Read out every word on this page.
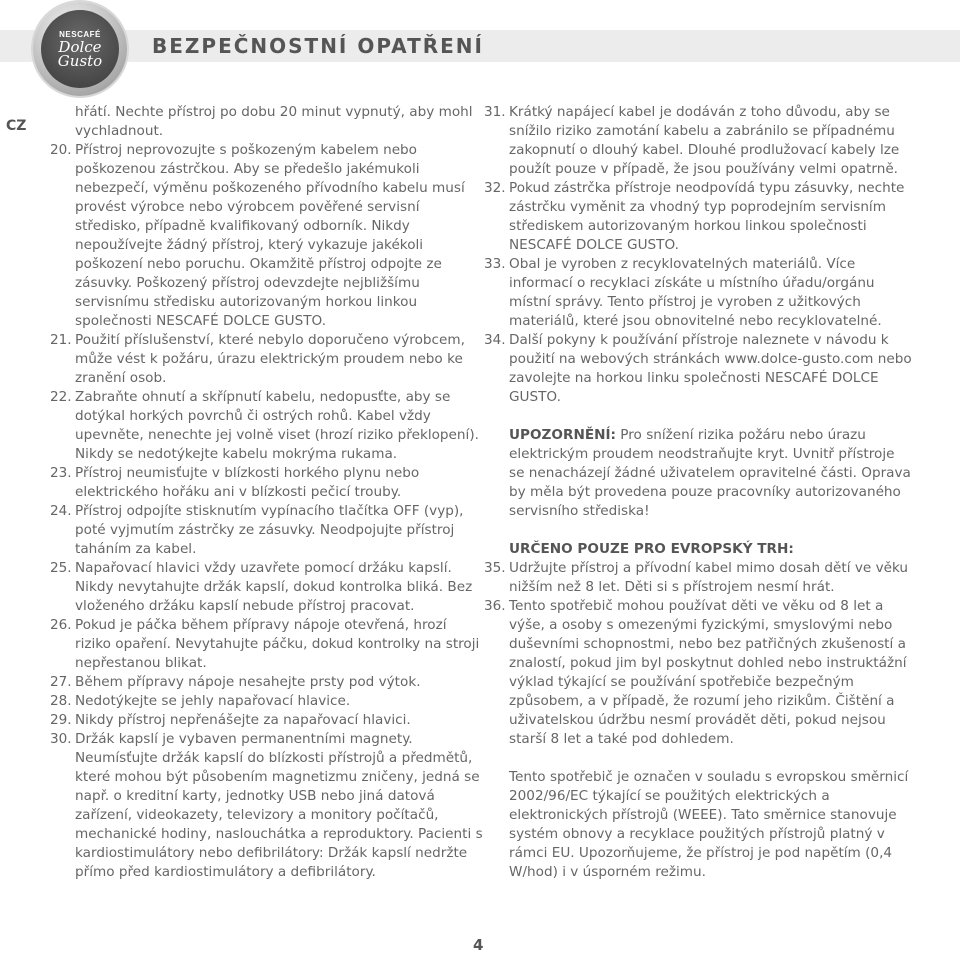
NESCAFÉ
Dolce
Gusto
BEZPEČNOSTNÍ OPATŘENÍ
CZ
hřátí. Nechte přístroj po dobu 20 minut vypnutý, aby mohl vychladnout.
20. Přístroj neprovozujte s poškozeným kabelem nebo poškozenou zástrčkou. Aby se předešlo jakémukoli nebezpečí, výměnu poškozeného přívodního kabelu musí provést výrobce nebo výrobcem pověřené servisní středisko, případně kvalifikovaný odborník. Nikdy nepoužívejte žádný přístroj, který vykazuje jakékoli poškození nebo poruchu. Okamžitě přístroj odpojte ze zásuvky. Poškozený přístroj odevzdejte nejbližšímu servisnímu středisku autorizovaným horkou linkou společnosti NESCAFÉ DOLCE GUSTO.
21. Použití příslušenství, které nebylo doporučeno výrobcem, může vést k požáru, úrazu elektrickým proudem nebo ke zranění osob.
22. Zabraňte ohnutí a skřípnutí kabelu, nedopusťte, aby se dotýkal horkých povrchů či ostrých rohů. Kabel vždy upevněte, nenechte jej volně viset (hrozí riziko překlopení). Nikdy se nedotýkejte kabelu mokrýma rukama.
23. Přístroj neumisťujte v blízkosti horkého plynu nebo elektrického hořáku ani v blízkosti pečicí trouby.
24. Přístroj odpojíte stisknutím vypínacího tlačítka OFF (vyp), poté vyjmutím zástrčky ze zásuvky. Neodpojujte přístroj taháním za kabel.
25. Napařovací hlavici vždy uzavřete pomocí držáku kapslí. Nikdy nevytahujte držák kapslí, dokud kontrolka bliká. Bez vloženého držáku kapslí nebude přístroj pracovat.
26. Pokud je páčka během přípravy nápoje otevřená, hrozí riziko opaření. Nevytahujte páčku, dokud kontrolky na stroji nepřestanou blikat.
27. Během přípravy nápoje nesahejte prsty pod výtok.
28. Nedotýkejte se jehly napařovací hlavice.
29. Nikdy přístroj nepřenášejte za napařovací hlavici.
30. Držák kapslí je vybaven permanentními magnety. Neumísťujte držák kapslí do blízkosti přístrojů a předmětů, které mohou být působením magnetizmu zničeny, jedná se např. o kreditní karty, jednotky USB nebo jiná datová zařízení, videokazety, televizory a monitory počítačů, mechanické hodiny, naslouchátka a reproduktory. Pacienti s kardiostimulátory nebo defibrilátory: Držák kapslí nedržte přímo před kardiostimulátory a defibrilátory.
31. Krátký napájecí kabel je dodáván z toho důvodu, aby se snížilo riziko zamotání kabelu a zabránilo se případnému zakopnutí o dlouhý kabel. Dlouhé prodlužovací kabely lze použít pouze v případě, že jsou používány velmi opatrně.
32. Pokud zástrčka přístroje neodpovídá typu zásuvky, nechte zástrčku vyměnit za vhodný typ poprodejním servisním střediskem autorizovaným horkou linkou společnosti NESCAFÉ DOLCE GUSTO.
33. Obal je vyroben z recyklovatelných materiálů. Více informací o recyklaci získáte u místního úřadu/orgánu místní správy. Tento přístroj je vyroben z užitkových materiálů, které jsou obnovitelné nebo recyklovatelné.
34. Další pokyny k používání přístroje naleznete v návodu k použití na webových stránkách www.dolce-gusto.com nebo zavolejte na horkou linku společnosti NESCAFÉ DOLCE GUSTO.
UPOZORNĚNÍ: Pro snížení rizika požáru nebo úrazu elektrickým proudem neodstraňujte kryt. Uvnitř přístroje se nenacházejí žádné uživatelem opravitelné části. Oprava by měla být provedena pouze pracovníky autorizovaného servisního střediska!
URČENO POUZE PRO EVROPSKÝ TRH:
35. Udržujte přístroj a přívodní kabel mimo dosah dětí ve věku nižším než 8 let. Děti si s přístrojem nesmí hrát.
36. Tento spotřebič mohou používat děti ve věku od 8 let a výše, a osoby s omezenými fyzickými, smyslovými nebo duševními schopnostmi, nebo bez patřičných zkušeností a znalostí, pokud jim byl poskytnut dohled nebo instruktážní výklad týkající se používání spotřebiče bezpečným způsobem, a v případě, že rozumí jeho rizikům. Čištění a uživatelskou údržbu nesmí provádět děti, pokud nejsou starší 8 let a také pod dohledem.
Tento spotřebič je označen v souladu s evropskou směrnicí 2002/96/EC týkající se použitých elektrických a elektronických přístrojů (WEEE). Tato směrnice stanovuje systém obnovy a recyklace použitých přístrojů platný v rámci EU. Upozorňujeme, že přístroj je pod napětím (0,4 W/hod) i v úsporném režimu.
4
